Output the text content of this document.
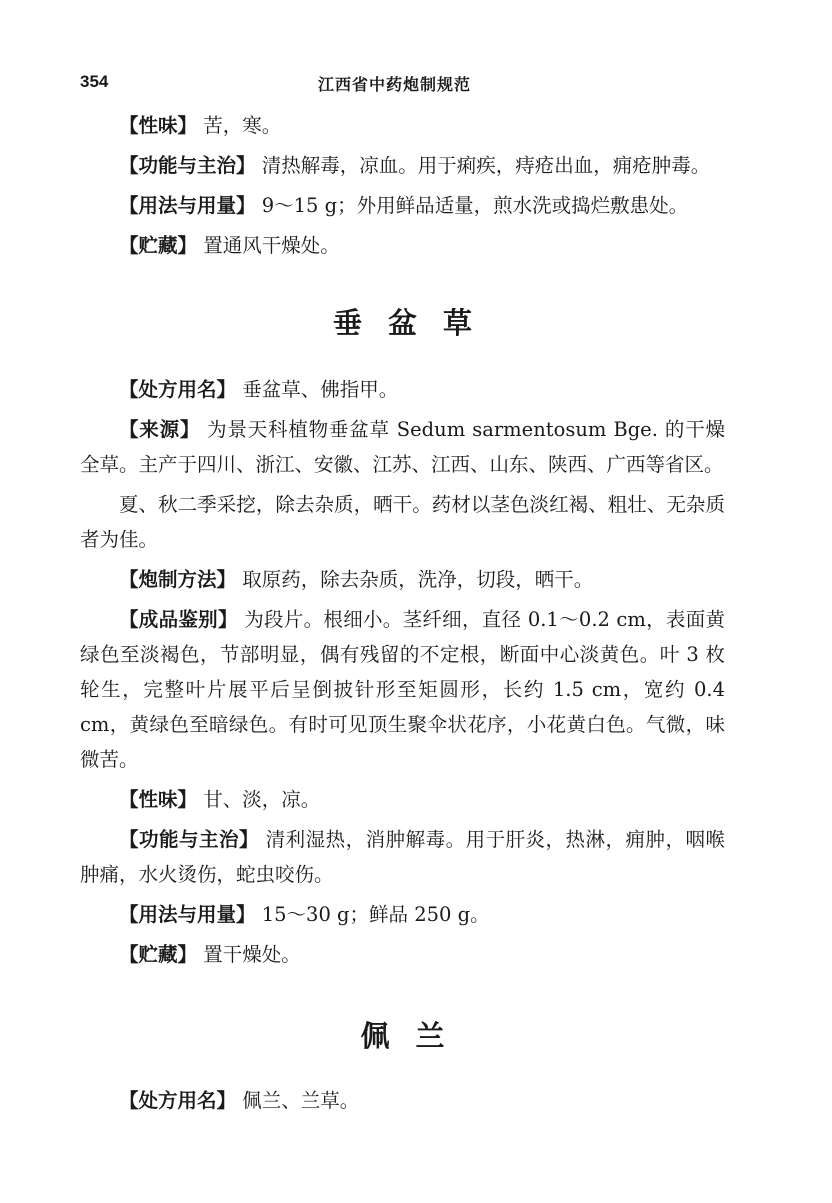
354	江西省中药炮制规范

【性味】 苦，寒。

【功能与主治】 清热解毒，凉血。用于痢疾，痔疮出血，痈疮肿毒。

【用法与用量】 9～15 g；外用鲜品适量，煎水洗或捣烂敷患处。

【贮藏】 置通风干燥处。

垂盆草

【处方用名】 垂盆草、佛指甲。

【来源】 为景天科植物垂盆草 Sedum sarmentosum Bge. 的干燥全草。主产于四川、浙江、安徽、江苏、江西、山东、陕西、广西等省区。

夏、秋二季采挖，除去杂质，晒干。药材以茎色淡红褐、粗壮、无杂质者为佳。

【炮制方法】 取原药，除去杂质，洗净，切段，晒干。

【成品鉴别】 为段片。根细小。茎纤细，直径 0.1～0.2 cm，表面黄绿色至淡褐色，节部明显，偶有残留的不定根，断面中心淡黄色。叶 3 枚轮生，完整叶片展平后呈倒披针形至矩圆形，长约 1.5 cm，宽约 0.4 cm，黄绿色至暗绿色。有时可见顶生聚伞状花序，小花黄白色。气微，味微苦。

【性味】 甘、淡，凉。

【功能与主治】 清利湿热，消肿解毒。用于肝炎，热淋，痈肿，咽喉肿痛，水火烫伤，蛇虫咬伤。

【用法与用量】 15～30 g；鲜品 250 g。

【贮藏】 置干燥处。

佩兰

【处方用名】 佩兰、兰草。
